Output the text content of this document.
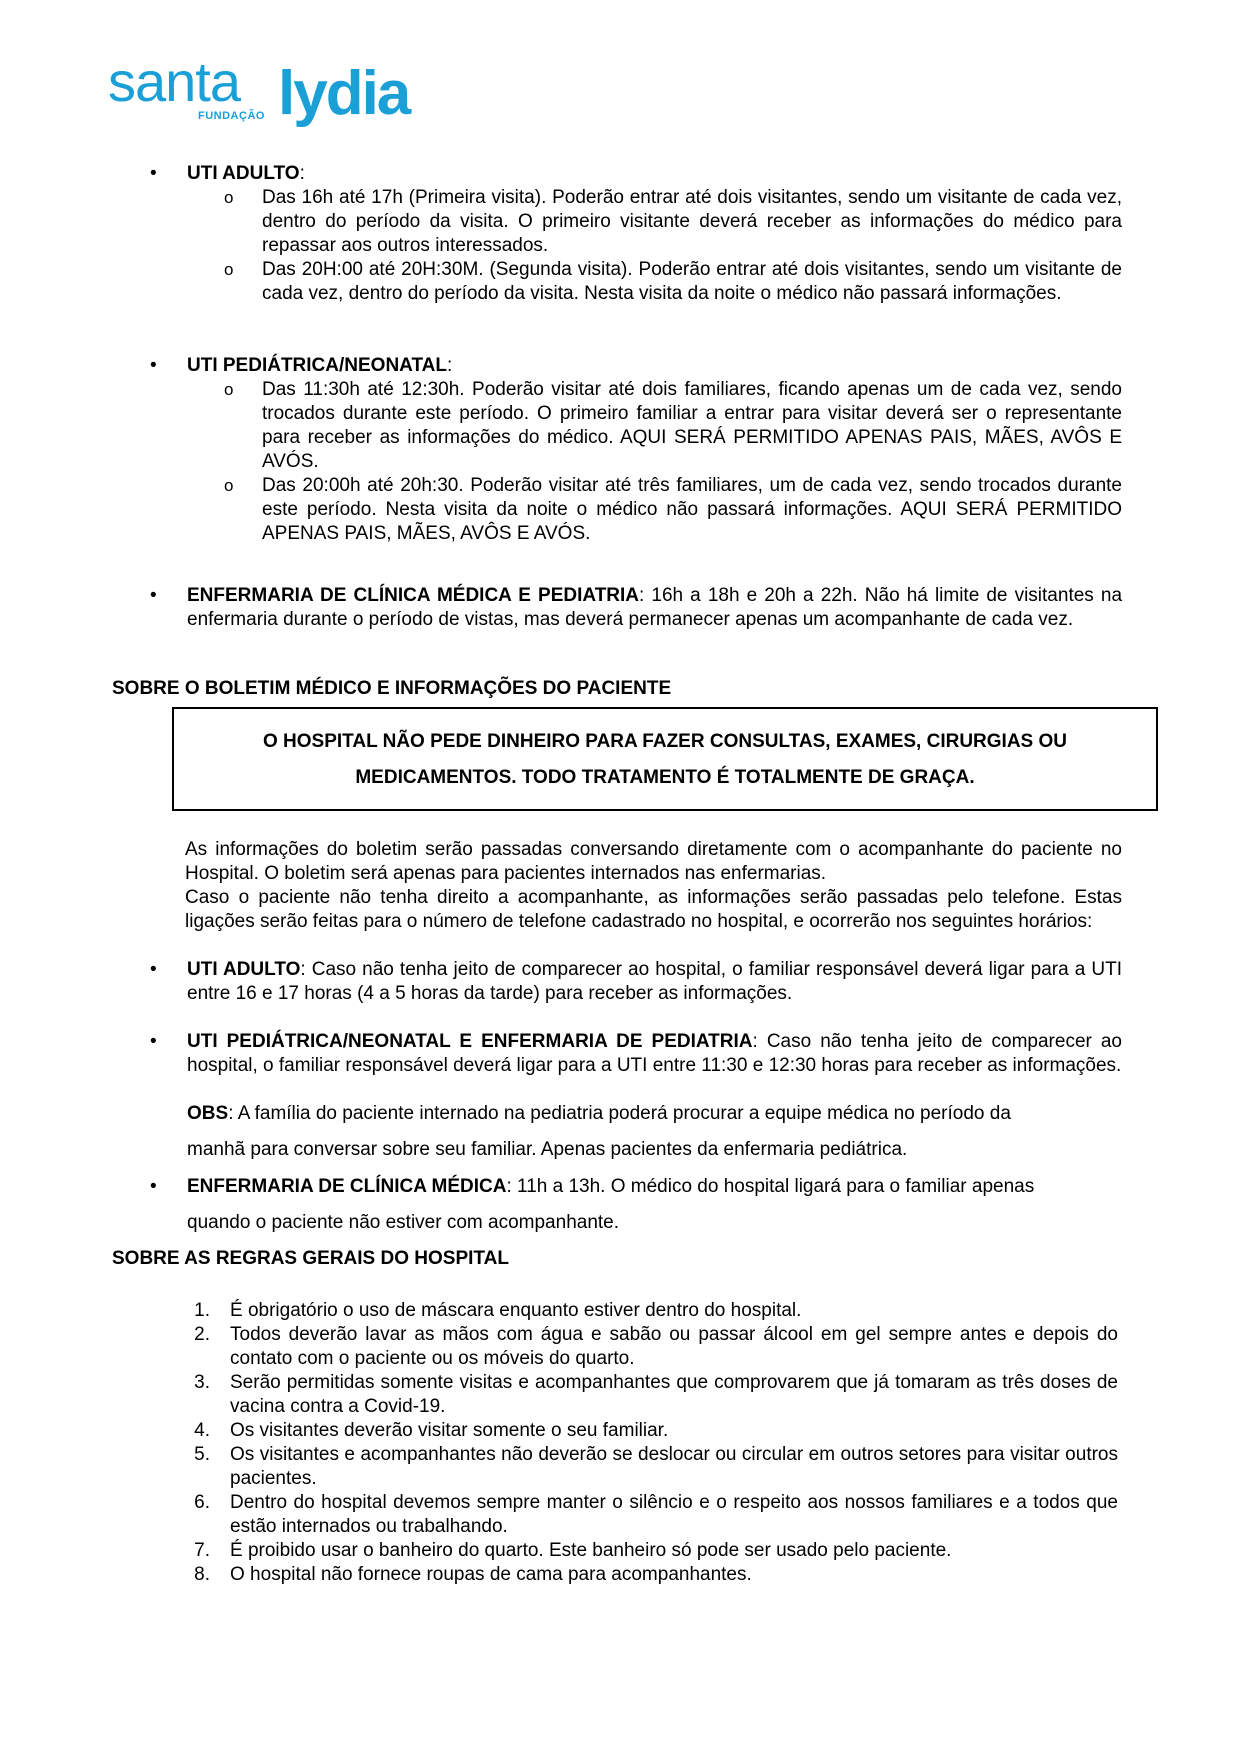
santa
FUNDAÇÃO lydia
• UTI ADULTO:
o Das 16h até 17h (Primeira visita). Poderão entrar até dois visitantes, sendo um visitante de cada vez, dentro do período da visita. O primeiro visitante deverá receber as informações do médico para repassar aos outros interessados.
o Das 20H:00 até 20H:30M. (Segunda visita). Poderão entrar até dois visitantes, sendo um visitante de cada vez, dentro do período da visita. Nesta visita da noite o médico não passará informações.
• UTI PEDIÁTRICA/NEONATAL:
o Das 11:30h até 12:30h. Poderão visitar até dois familiares, ficando apenas um de cada vez, sendo trocados durante este período. O primeiro familiar a entrar para visitar deverá ser o representante para receber as informações do médico. AQUI SERÁ PERMITIDO APENAS PAIS, MÃES, AVÔS E AVÓS.
o Das 20:00h até 20h:30. Poderão visitar até três familiares, um de cada vez, sendo trocados durante este período. Nesta visita da noite o médico não passará informações. AQUI SERÁ PERMITIDO APENAS PAIS, MÃES, AVÔS E AVÓS.
• ENFERMARIA DE CLÍNICA MÉDICA E PEDIATRIA: 16h a 18h e 20h a 22h. Não há limite de visitantes na enfermaria durante o período de vistas, mas deverá permanecer apenas um acompanhante de cada vez.
SOBRE O BOLETIM MÉDICO E INFORMAÇÕES DO PACIENTE

O HOSPITAL NÃO PEDE DINHEIRO PARA FAZER CONSULTAS, EXAMES, CIRURGIAS OU

MEDICAMENTOS. TODO TRATAMENTO É TOTALMENTE DE GRAÇA.

As informações do boletim serão passadas conversando diretamente com o acompanhante do paciente no Hospital. O boletim será apenas para pacientes internados nas enfermarias.
Caso o paciente não tenha direito a acompanhante, as informações serão passadas pelo telefone. Estas ligações serão feitas para o número de telefone cadastrado no hospital, e ocorrerão nos seguintes horários:
• UTI ADULTO: Caso não tenha jeito de comparecer ao hospital, o familiar responsável deverá ligar para a UTI entre 16 e 17 horas (4 a 5 horas da tarde) para receber as informações.
• UTI PEDIÁTRICA/NEONATAL E ENFERMARIA DE PEDIATRIA: Caso não tenha jeito de comparecer ao hospital, o familiar responsável deverá ligar para a UTI entre 11:30 e 12:30 horas para receber as informações.
OBS: A família do paciente internado na pediatria poderá procurar a equipe médica no período da
manhã para conversar sobre seu familiar. Apenas pacientes da enfermaria pediátrica.
• ENFERMARIA DE CLÍNICA MÉDICA: 11h a 13h. O médico do hospital ligará para o familiar apenas
quando o paciente não estiver com acompanhante.
SOBRE AS REGRAS GERAIS DO HOSPITAL
1. É obrigatório o uso de máscara enquanto estiver dentro do hospital.
2. Todos deverão lavar as mãos com água e sabão ou passar álcool em gel sempre antes e depois do contato com o paciente ou os móveis do quarto.
3. Serão permitidas somente visitas e acompanhantes que comprovarem que já tomaram as três doses de vacina contra a Covid-19.
4. Os visitantes deverão visitar somente o seu familiar.
5. Os visitantes e acompanhantes não deverão se deslocar ou circular em outros setores para visitar outros pacientes.
6. Dentro do hospital devemos sempre manter o silêncio e o respeito aos nossos familiares e a todos que estão internados ou trabalhando.
7. É proibido usar o banheiro do quarto. Este banheiro só pode ser usado pelo paciente.
8. O hospital não fornece roupas de cama para acompanhantes.
